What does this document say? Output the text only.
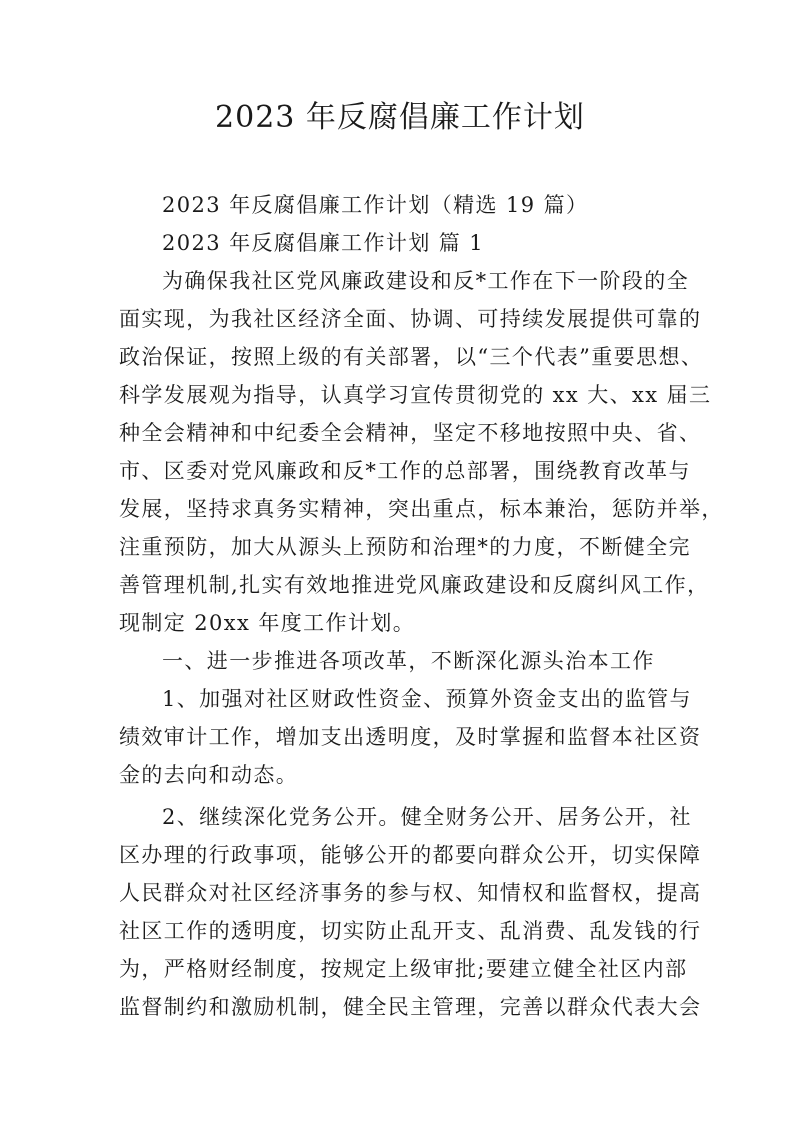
2023 年反腐倡廉工作计划
2023 年反腐倡廉工作计划（精选 19 篇）
2023 年反腐倡廉工作计划 篇 1
为确保我社区党风廉政建设和反*工作在下一阶段的全
面实现，为我社区经济全面、协调、可持续发展提供可靠的
政治保证，按照上级的有关部署，以“三个代表”重要思想、
科学发展观为指导，认真学习宣传贯彻党的 xx 大、xx 届三
种全会精神和中纪委全会精神，坚定不移地按照中央、省、
市、区委对党风廉政和反*工作的总部署，围绕教育改革与
发展，坚持求真务实精神，突出重点，标本兼治，惩防并举，
注重预防，加大从源头上预防和治理*的力度，不断健全完
善管理机制,扎实有效地推进党风廉政建设和反腐纠风工作，
现制定 20xx 年度工作计划。
一、进一步推进各项改革，不断深化源头治本工作
1、加强对社区财政性资金、预算外资金支出的监管与
绩效审计工作，增加支出透明度，及时掌握和监督本社区资
金的去向和动态。
2、继续深化党务公开。健全财务公开、居务公开，社
区办理的行政事项，能够公开的都要向群众公开，切实保障
人民群众对社区经济事务的参与权、知情权和监督权，提高
社区工作的透明度，切实防止乱开支、乱消费、乱发钱的行
为，严格财经制度，按规定上级审批;要建立健全社区内部
监督制约和激励机制，健全民主管理，完善以群众代表大会
